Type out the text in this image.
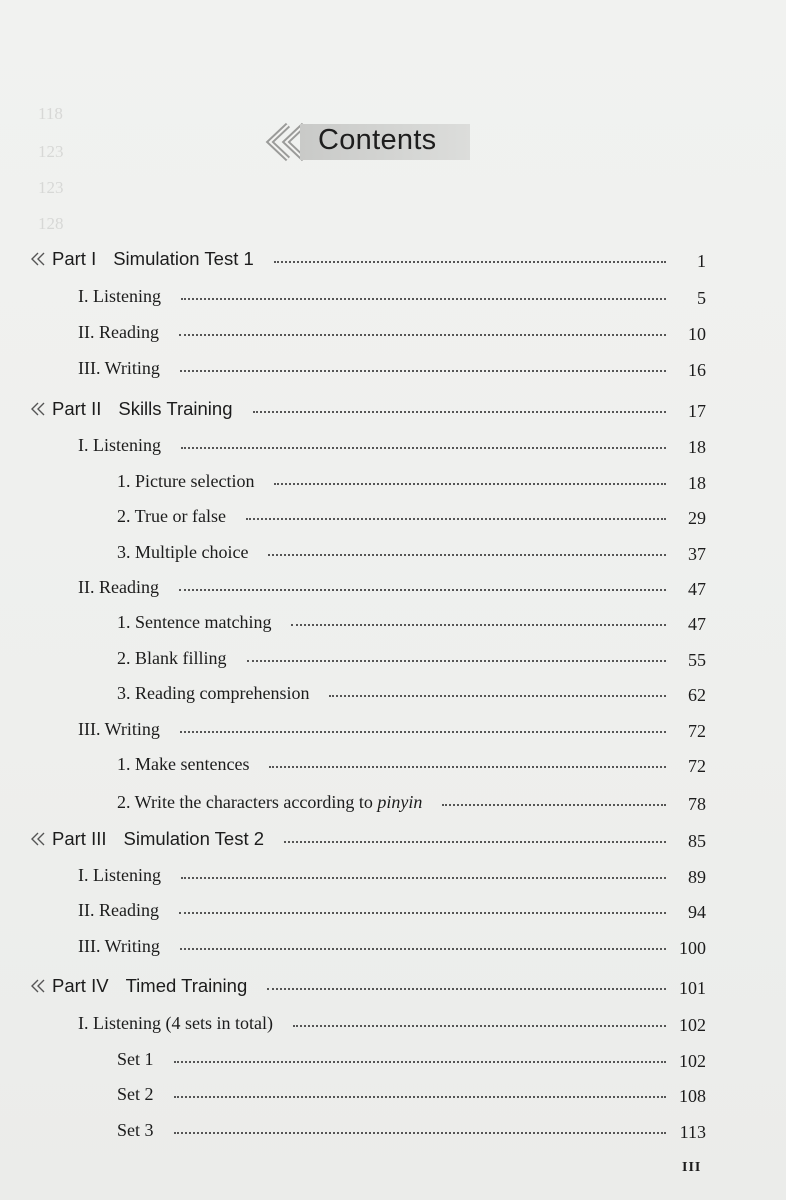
118
123
123
128
Contents
Part I Simulation Test 1	1
I. Listening	5
II. Reading	10
III. Writing	16
Part II Skills Training	17
I. Listening	18
1. Picture selection	18
2. True or false	29
3. Multiple choice	37
II. Reading	47
1. Sentence matching	47
2. Blank filling	55
3. Reading comprehension	62
III. Writing	72
1. Make sentences	72
2. Write the characters according to pinyin	78
Part III Simulation Test 2	85
I. Listening	89
II. Reading	94
III. Writing	100
Part IV Timed Training	101
I. Listening (4 sets in total)	102
Set 1	102
Set 2	108
Set 3	113
III
